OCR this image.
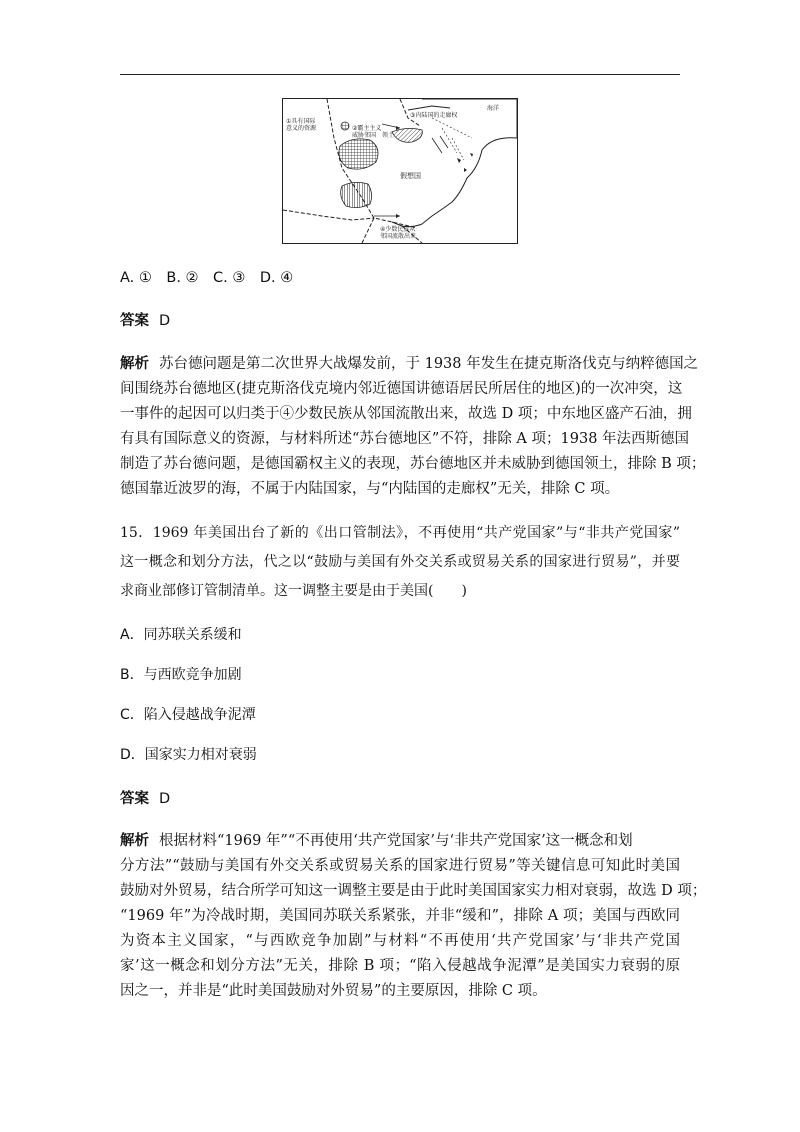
海洋
③内陆国的走廊权
①具有国际
意义的资源	②霸主主义
威胁邻国 领土
假想国
④少数民族从
邻国流散出来
A. ①　B. ②　C. ③　D. ④
答案 D
解析 苏台德问题是第二次世界大战爆发前，于 1938 年发生在捷克斯洛伐克与纳粹德国之
间围绕苏台德地区(捷克斯洛伐克境内邻近德国讲德语居民所居住的地区)的一次冲突，这
一事件的起因可以归类于④少数民族从邻国流散出来，故选 D 项；中东地区盛产石油，拥
有具有国际意义的资源，与材料所述“苏台德地区”不符，排除 A 项；1938 年法西斯德国
制造了苏台德问题，是德国霸权主义的表现，苏台德地区并未威胁到德国领土，排除 B 项；
德国靠近波罗的海，不属于内陆国家，与“内陆国的走廊权”无关，排除 C 项。
15．1969 年美国出台了新的《出口管制法》，不再使用“共产党国家”与“非共产党国家”
这一概念和划分方法，代之以“鼓励与美国有外交关系或贸易关系的国家进行贸易”，并要
求商业部修订管制清单。这一调整主要是由于美国(　　)
A．同苏联关系缓和
B．与西欧竞争加剧
C．陷入侵越战争泥潭
D．国家实力相对衰弱
答案 D
解析 根据材料“1969 年”“不再使用‘共产党国家’与‘非共产党国家’这一概念和划
分方法”“鼓励与美国有外交关系或贸易关系的国家进行贸易”等关键信息可知此时美国
鼓励对外贸易，结合所学可知这一调整主要是由于此时美国国家实力相对衰弱，故选 D 项；
“1969 年”为冷战时期，美国同苏联关系紧张，并非“缓和”，排除 A 项；美国与西欧同
为资本主义国家，“与西欧竞争加剧”与材料“不再使用‘共产党国家’与‘非共产党国
家’这一概念和划分方法”无关，排除 B 项；“陷入侵越战争泥潭”是美国实力衰弱的原
因之一，并非是“此时美国鼓励对外贸易”的主要原因，排除 C 项。
